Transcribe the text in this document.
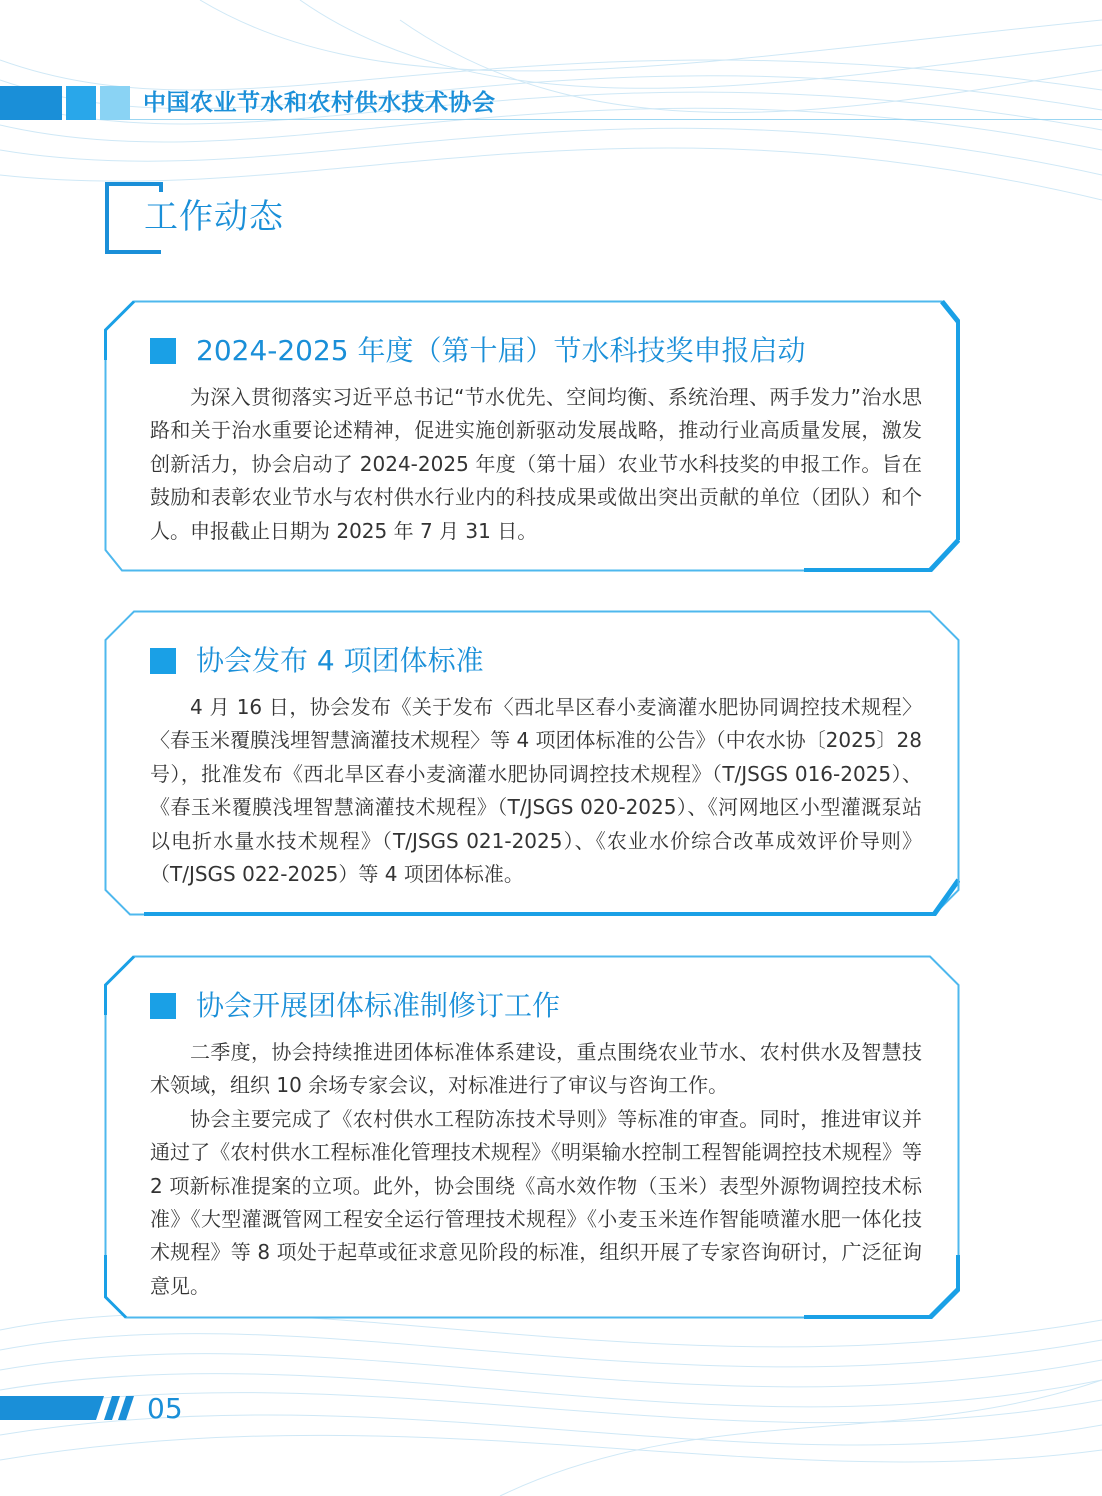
中国农业节水和农村供水技术协会
工作动态
2024-2025 年度（第十届）节水科技奖申报启动

为深入贯彻落实习近平总书记“节水优先、空间均衡、系统治理、两手发力”治水思路和关于治水重要论述精神，促进实施创新驱动发展战略，推动行业高质量发展，激发创新活力，协会启动了 2024-2025 年度（第十届）农业节水科技奖的申报工作。旨在鼓励和表彰农业节水与农村供水行业内的科技成果或做出突出贡献的单位（团队）和个人。申报截止日期为 2025 年 7 月 31 日。

协会发布 4 项团体标准

4 月 16 日，协会发布《关于发布〈西北旱区春小麦滴灌水肥协同调控技术规程〉〈春玉米覆膜浅埋智慧滴灌技术规程〉等 4 项团体标准的公告》（中农水协〔2025〕28 号），批准发布《西北旱区春小麦滴灌水肥协同调控技术规程》（T/JSGS 016-2025）、《春玉米覆膜浅埋智慧滴灌技术规程》（T/JSGS 020-2025）、《河网地区小型灌溉泵站以电折水量水技术规程》（T/JSGS 021-2025）、《农业水价综合改革成效评价导则》（T/JSGS 022-2025）等 4 项团体标准。

协会开展团体标准制修订工作

二季度，协会持续推进团体标准体系建设，重点围绕农业节水、农村供水及智慧技术领域，组织 10 余场专家会议，对标准进行了审议与咨询工作。

协会主要完成了《农村供水工程防冻技术导则》等标准的审查。同时，推进审议并通过了《农村供水工程标准化管理技术规程》《明渠输水控制工程智能调控技术规程》等 2 项新标准提案的立项。此外，协会围绕《高水效作物（玉米）表型外源物调控技术标准》《大型灌溉管网工程安全运行管理技术规程》《小麦玉米连作智能喷灌水肥一体化技术规程》等 8 项处于起草或征求意见阶段的标准，组织开展了专家咨询研讨，广泛征询意见。

05
